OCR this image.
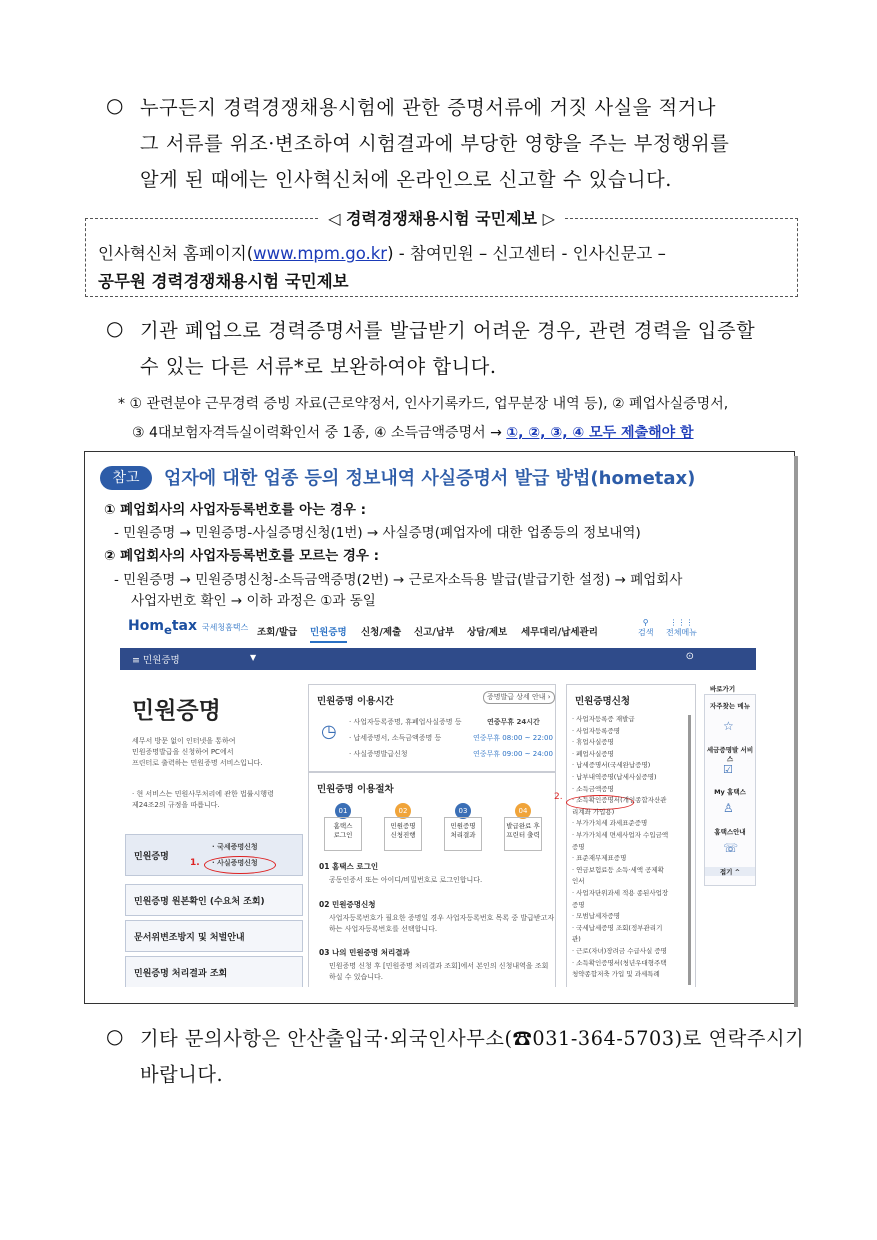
○ 누구든지 경력경쟁채용시험에 관한 증명서류에 거짓 사실을 적거나
그 서류를 위조·변조하여 시험결과에 부당한 영향을 주는 부정행위를
알게 된 때에는 인사혁신처에 온라인으로 신고할 수 있습니다.
◁ 경력경쟁채용시험 국민제보 ▷
인사혁신처 홈페이지(www.mpm.go.kr) - 참여민원 – 신고센터 - 인사신문고 –
공무원 경력경쟁채용시험 국민제보
○ 기관 폐업으로 경력증명서를 발급받기 어려운 경우, 관련 경력을 입증할
수 있는 다른 서류*로 보완하여야 합니다.
* ① 관련분야 근무경력 증빙 자료(근로약정서, 인사기록카드, 업무분장 내역 등), ② 폐업사실증명서,
③ 4대보험자격득실이력확인서 중 1종, ④ 소득금액증명서 → ①, ②, ③, ④ 모두 제출해야 함
참고	업자에 대한 업종 등의 정보내역 사실증명서 발급 방법(hometax)
① 폐업회사의 사업자등록번호를 아는 경우 :
- 민원증명 → 민원증명-사실증명신청(1번) → 사실증명(폐업자에 대한 업종등의 정보내역)
② 폐업회사의 사업자등록번호를 모르는 경우 :
- 민원증명 → 민원증명신청-소득금액증명(2번) → 근로자소득용 발급(발급기한 설정) → 폐업회사
사업자번호 확인 → 이하 과정은 ①과 동일
Hom$_e$tax 국세청홈택스 조회/발급 민원증명 신청/제출 신고/납부 상담/제보 세무대리/납세관리
⚲
검색
⋮⋮⋮
전체메뉴
≡ 민원증명	▼	⊙
민원증명
세무서 방문 없이 인터넷을 통하여
민원증명발급을 신청하여 PC에서
프린터로 출력하는 민원증명 서비스입니다.
· 현 서비스는 민원사무처리에 관한 법률시행령
제24조2의 규정을 따릅니다.
민원증명
· 국세증명신청
· 사실증명신청
1.
민원증명 원본확인 (수요처 조회)
문서위변조방지 및 처벌안내
민원증명 처리결과 조회
민원증명 이용시간	증명발급 상세 안내 ›
◷ · 사업자등록증명, 휴폐업사실증명 등	연중무휴 24시간
· 납세증명서, 소득금액증명 등	연중무휴 08:00 ~ 22:00
· 사실증명발급신청	연중무휴 09:00 ~ 24:00
민원증명 이용절차
01	02	03	04
홈택스
로그인
민원증명
신청진행
민원증명
처리결과
발급완료 후
프린터 출력
01 홈택스 로그인
공동인증서 또는 아이디/비밀번호로 로그인합니다.
02 민원증명신청
사업자등록번호가 필요한 증명일 경우 사업자등록번호 목록 중 발급받고자
하는 사업자등록번호를 선택합니다.
03 나의 민원증명 처리결과
민원증명 신청 후 [민원증명 처리결과 조회]에서 본인의 신청내역을 조회
하실 수 있습니다.
민원증명신청
2.
바로가기
자주찾는 메뉴
☆
세금증명발 서비스
☑
My 홈택스
♙
홈택스안내
☏
접기 ^
· 사업자등록증 재발급
· 사업자등록증명
· 휴업사실증명
· 폐업사실증명
· 납세증명서(국세완납증명)
· 납부내역증명(납세사실증명)
· 소득금액증명
· 소득확인증명서(개인종합자산관
리계좌 가입용)
· 부가가치세 과세표준증명
· 부가가치세 면세사업자 수입금액
증명
· 표준재무제표증명
· 연금보험료등 소득·세액 공제확
인서
· 사업자단위과세 적용 종된사업장
증명
· 모범납세자증명
· 국세납세증명 조회(정부관리기
관)
· 근로(자녀)장려금 수급사실 증명
· 소득확인증명서(청년우대형주택
청약종합저축 가입 및 과세특례
○ 기타 문의사항은 안산출입국·외국인사무소(☎031-364-5703)로 연락주시기
바랍니다.
